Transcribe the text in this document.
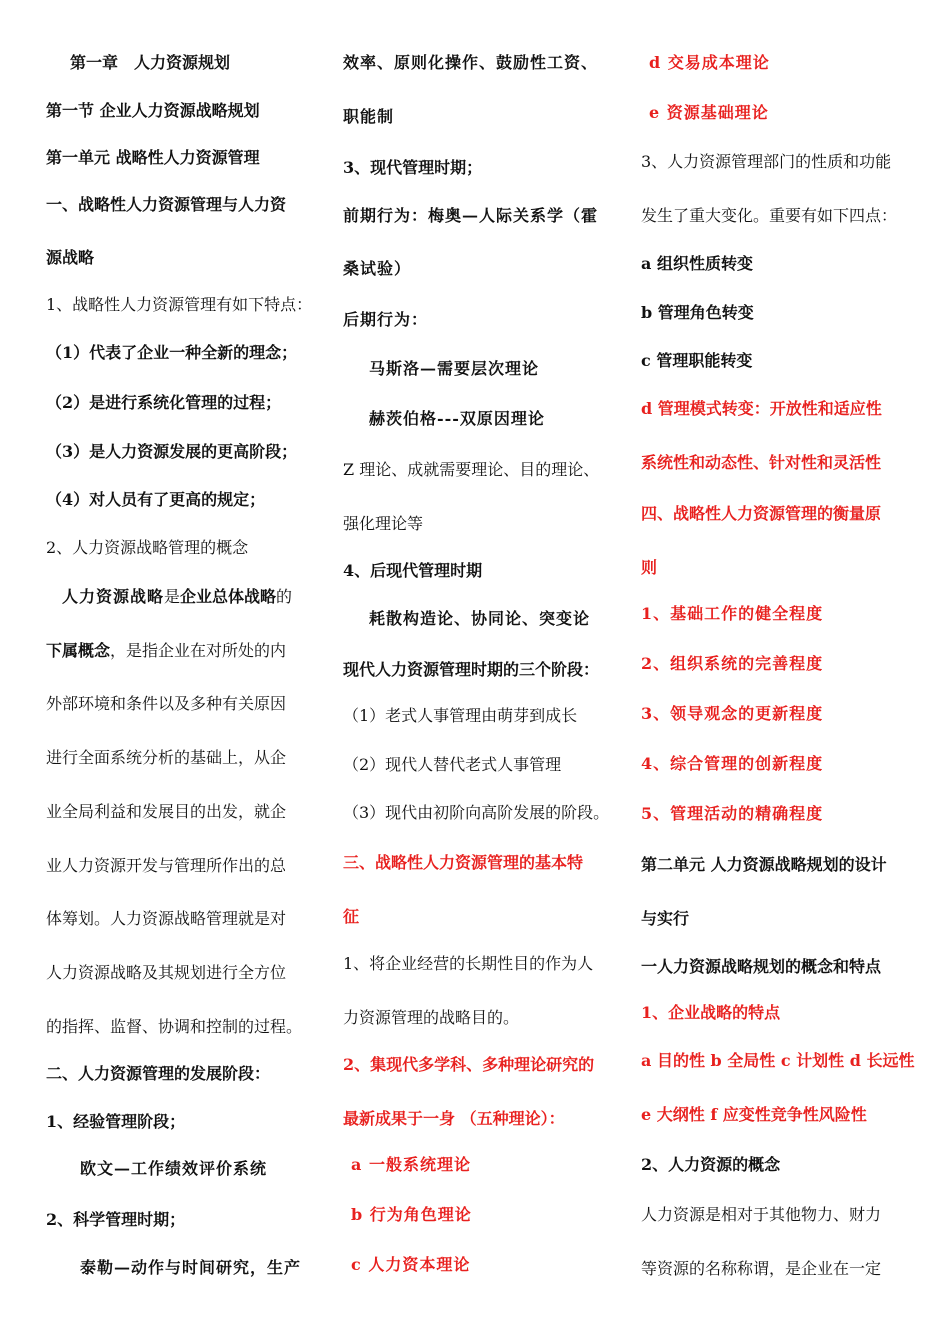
第一章　人力资源规划
第一节 企业人力资源战略规划
第一单元 战略性人力资源管理
一、战略性人力资源管理与人力资
源战略
1、战略性人力资源管理有如下特点：
（1）代表了企业一种全新的理念；
（2）是进行系统化管理的过程；
（3）是人力资源发展的更高阶段；
（4）对人员有了更高的规定；
2、人力资源战略管理的概念
人力资源战略是企业总体战略的
下属概念，是指企业在对所处的内
外部环境和条件以及多种有关原因
进行全面系统分析的基础上，从企
业全局利益和发展目的出发，就企
业人力资源开发与管理所作出的总
体筹划。人力资源战略管理就是对
人力资源战略及其规划进行全方位
的指挥、监督、协调和控制的过程。
二、人力资源管理的发展阶段：
1、经验管理阶段；
欧文—工作绩效评价系统
2、科学管理时期；
泰勒—动作与时间研究，生产
效率、原则化操作、鼓励性工资、
职能制
3、现代管理时期；
前期行为：梅奥—人际关系学（霍
桑试验）
后期行为：
马斯洛—需要层次理论
赫茨伯格---双原因理论
Z 理论、成就需要理论、目的理论、
强化理论等
4、后现代管理时期
耗散构造论、协同论、突变论
现代人力资源管理时期的三个阶段：
（1）老式人事管理由萌芽到成长
（2）现代人替代老式人事管理
（3）现代由初阶向高阶发展的阶段。
三、战略性人力资源管理的基本特
征
1、将企业经营的长期性目的作为人
力资源管理的战略目的。
2、集现代多学科、多种理论研究的
最新成果于一身 （五种理论）：
a 一般系统理论
b 行为角色理论
c 人力资本理论
d 交易成本理论
e 资源基础理论
3、人力资源管理部门的性质和功能
发生了重大变化。重要有如下四点：
a 组织性质转变
b 管理角色转变
c 管理职能转变
d 管理模式转变：开放性和适应性
系统性和动态性、针对性和灵活性
四、战略性人力资源管理的衡量原
则
1、基础工作的健全程度
2、组织系统的完善程度
3、领导观念的更新程度
4、综合管理的创新程度
5、管理活动的精确程度
第二单元 人力资源战略规划的设计
与实行
一人力资源战略规划的概念和特点
1、企业战略的特点
a 目的性 b 全局性 c 计划性 d 长远性
e 大纲性 f 应变性竞争性风险性
2、人力资源的概念
人力资源是相对于其他物力、财力
等资源的名称称谓，是企业在一定
